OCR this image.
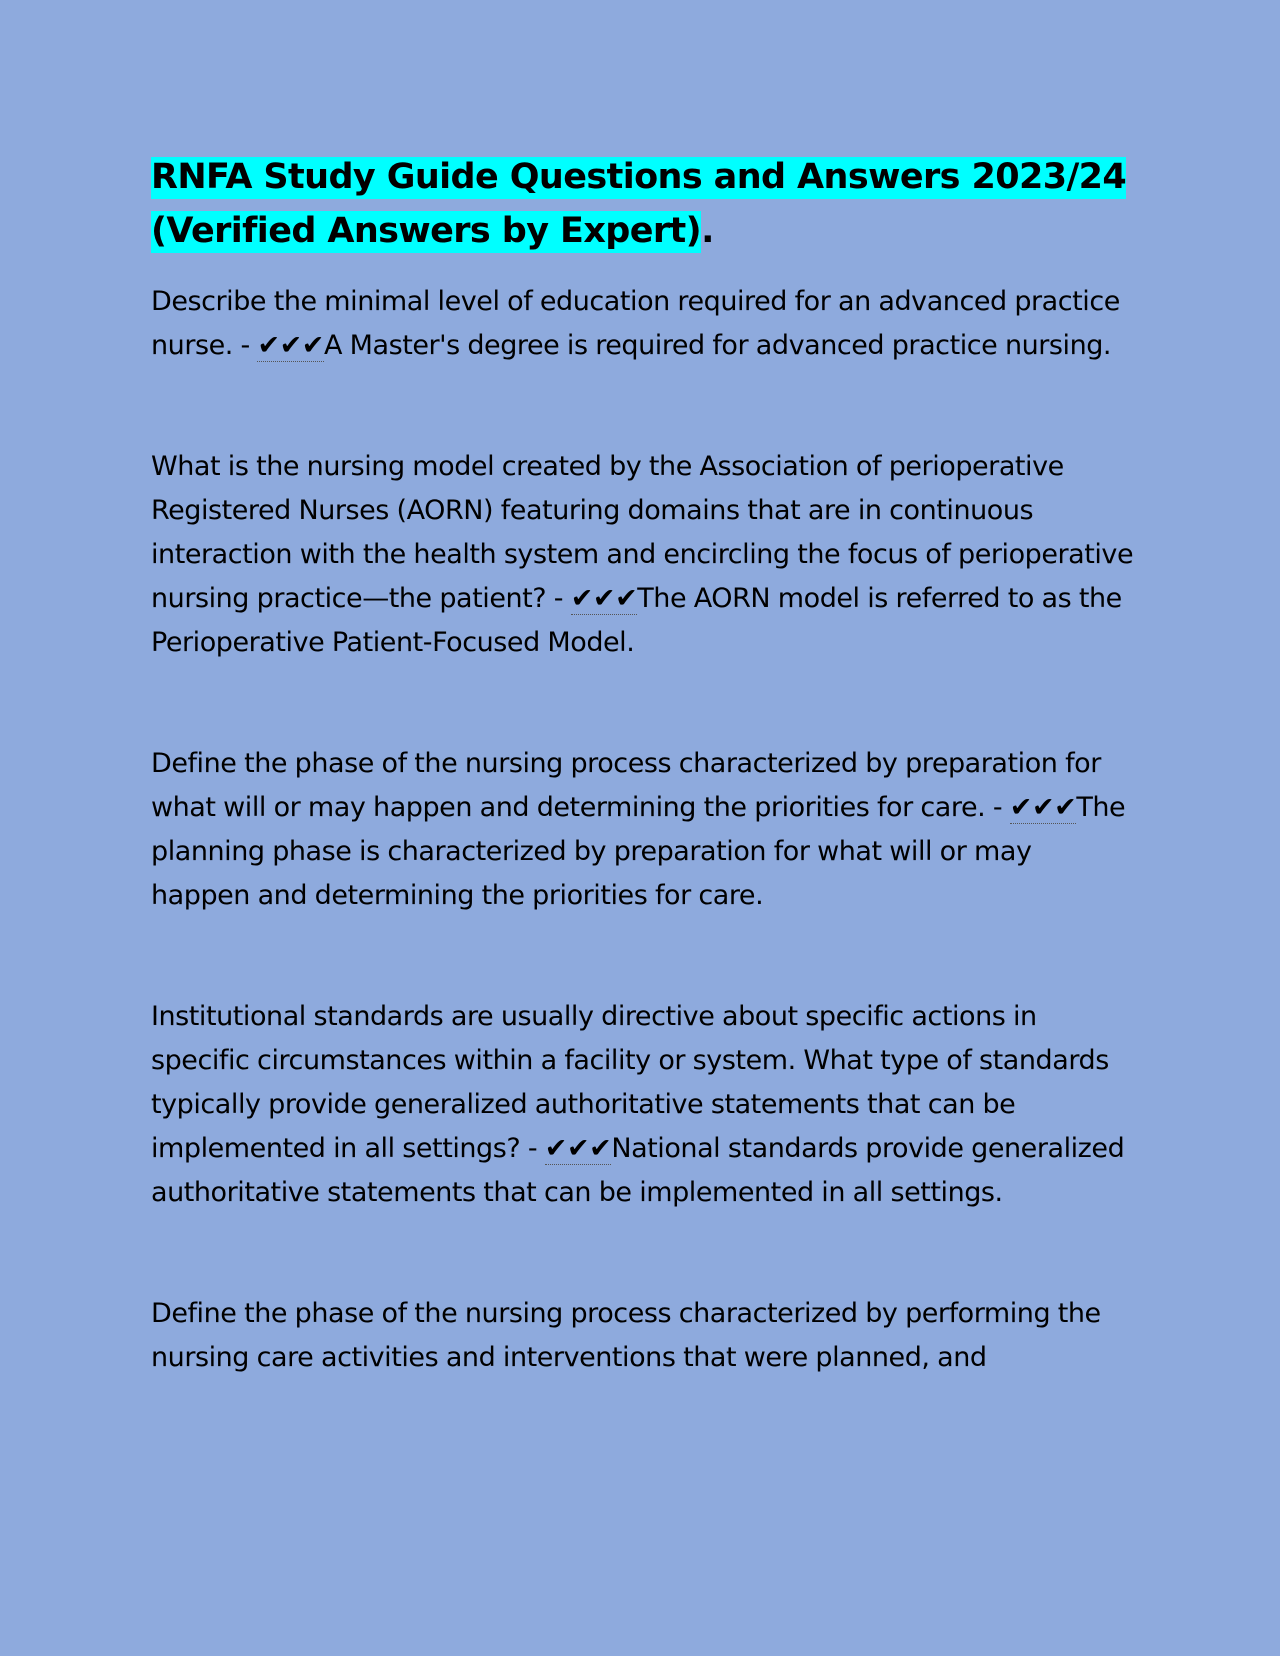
RNFA Study Guide Questions and Answers 2023/24 (Verified Answers by Expert).

Describe the minimal level of education required for an advanced practice nurse. - ✔✔✔A Master's degree is required for advanced practice nursing.

What is the nursing model created by the Association of perioperative Registered Nurses (AORN) featuring domains that are in continuous interaction with the health system and encircling the focus of perioperative nursing practice—the patient? - ✔✔✔The AORN model is referred to as the Perioperative Patient-Focused Model.

Define the phase of the nursing process characterized by preparation for what will or may happen and determining the priorities for care. - ✔✔✔The planning phase is characterized by preparation for what will or may happen and determining the priorities for care.

Institutional standards are usually directive about specific actions in specific circumstances within a facility or system. What type of standards typically provide generalized authoritative statements that can be implemented in all settings? - ✔✔✔National standards provide generalized authoritative statements that can be implemented in all settings.

Define the phase of the nursing process characterized by performing the nursing care activities and interventions that were planned, and
